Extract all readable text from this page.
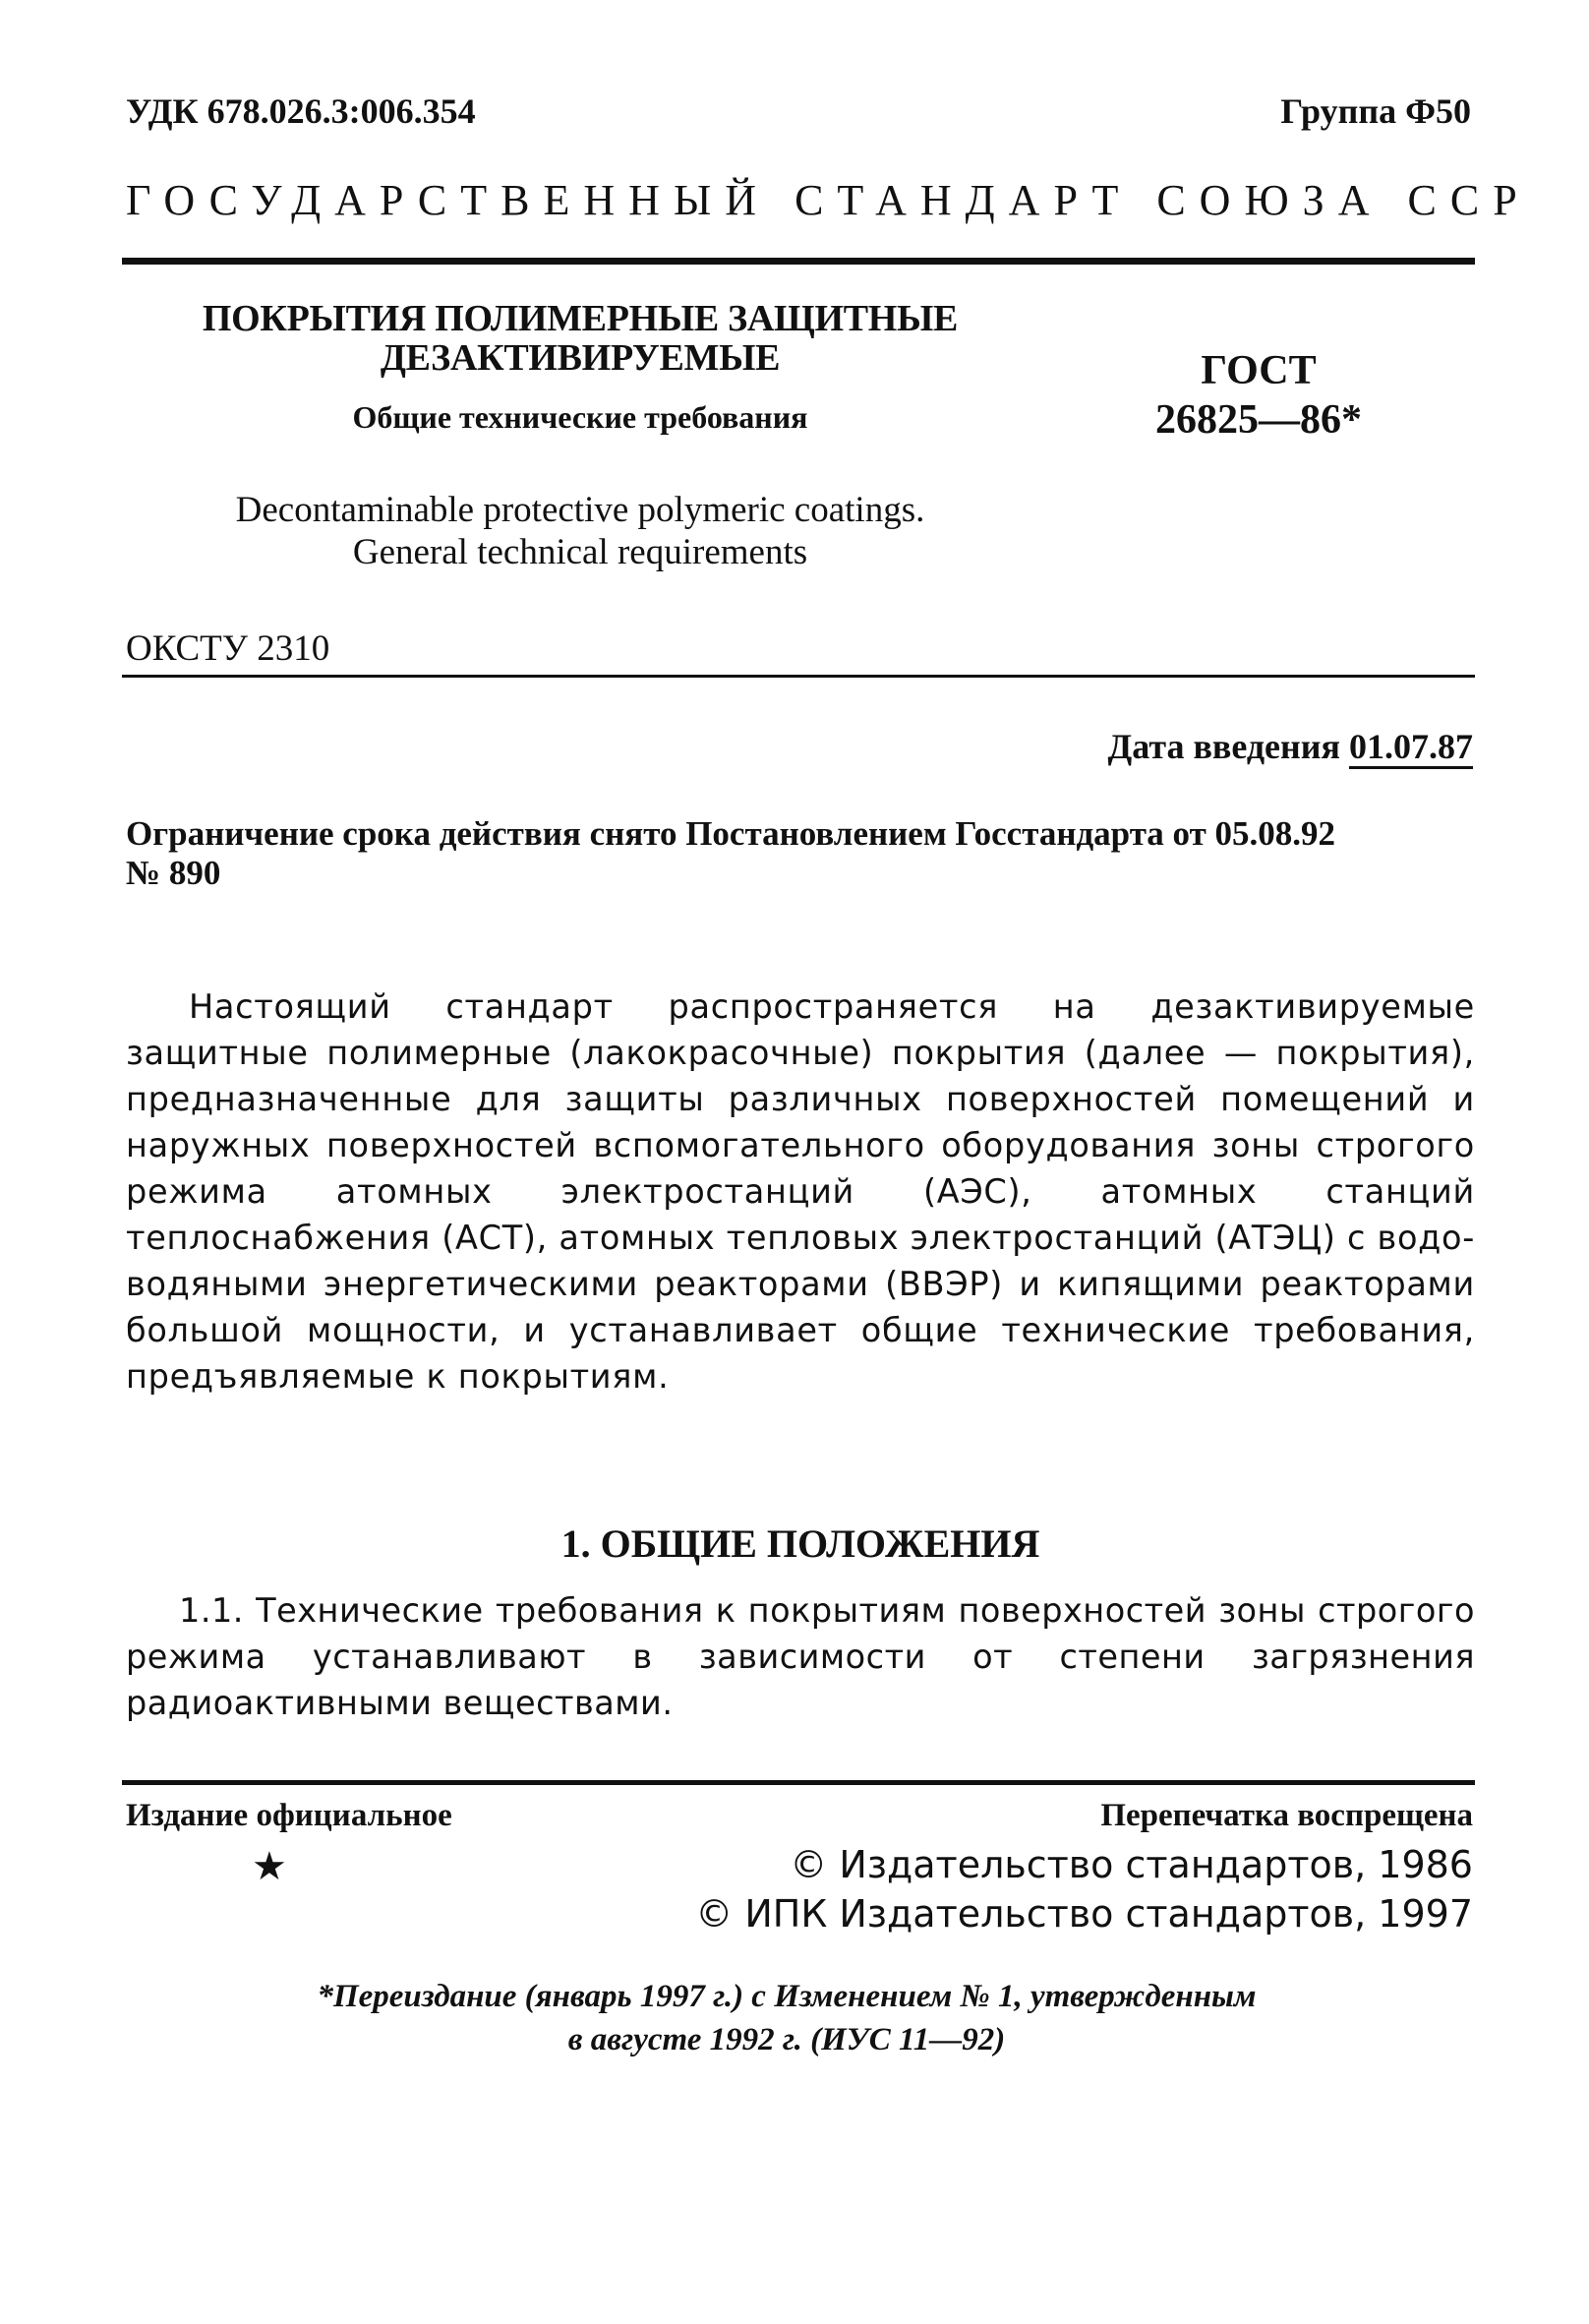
УДК 678.026.3:006.354	Группа Ф50
ГОСУДАРСТВЕННЫЙ СТАНДАРТ СОЮЗА ССР
ПОКРЫТИЯ ПОЛИМЕРНЫЕ ЗАЩИТНЫЕ
ДЕЗАКТИВИРУЕМЫЕ
Общие технические требования
Decontaminable protective polymeric coatings.
General technical requirements
ГОСТ
26825—86*
ОКСТУ 2310
Дата введения 01.07.87
Ограничение срока действия снято Постановлением Госстандарта от 05.08.92
№ 890
Настоящий стандарт распространяется на дезактивируемые защитные полимерные (лакокрасочные) покрытия (далее — покрытия), предназначенные для защиты различных поверхностей помещений и наружных поверхностей вспомогательного оборудования зоны строгого режима атомных электростанций (АЭС), атомных станций теплоснабжения (АСТ), атомных тепловых электростанций (АТЭЦ) с водо-водяными энергетическими реакторами (ВВЭР) и кипящими реакторами большой мощности, и устанавливает общие технические требования, предъявляемые к покрытиям.
1. ОБЩИЕ ПОЛОЖЕНИЯ
1.1. Технические требования к покрытиям поверхностей зоны строгого режима устанавливают в зависимости от степени загрязнения радиоактивными веществами.
Издание официальное
★
Перепечатка воспрещена
© Издательство стандартов, 1986
© ИПК Издательство стандартов, 1997
*Переиздание (январь 1997 г.) с Изменением № 1, утвержденным
в августе 1992 г. (ИУС 11—92)
